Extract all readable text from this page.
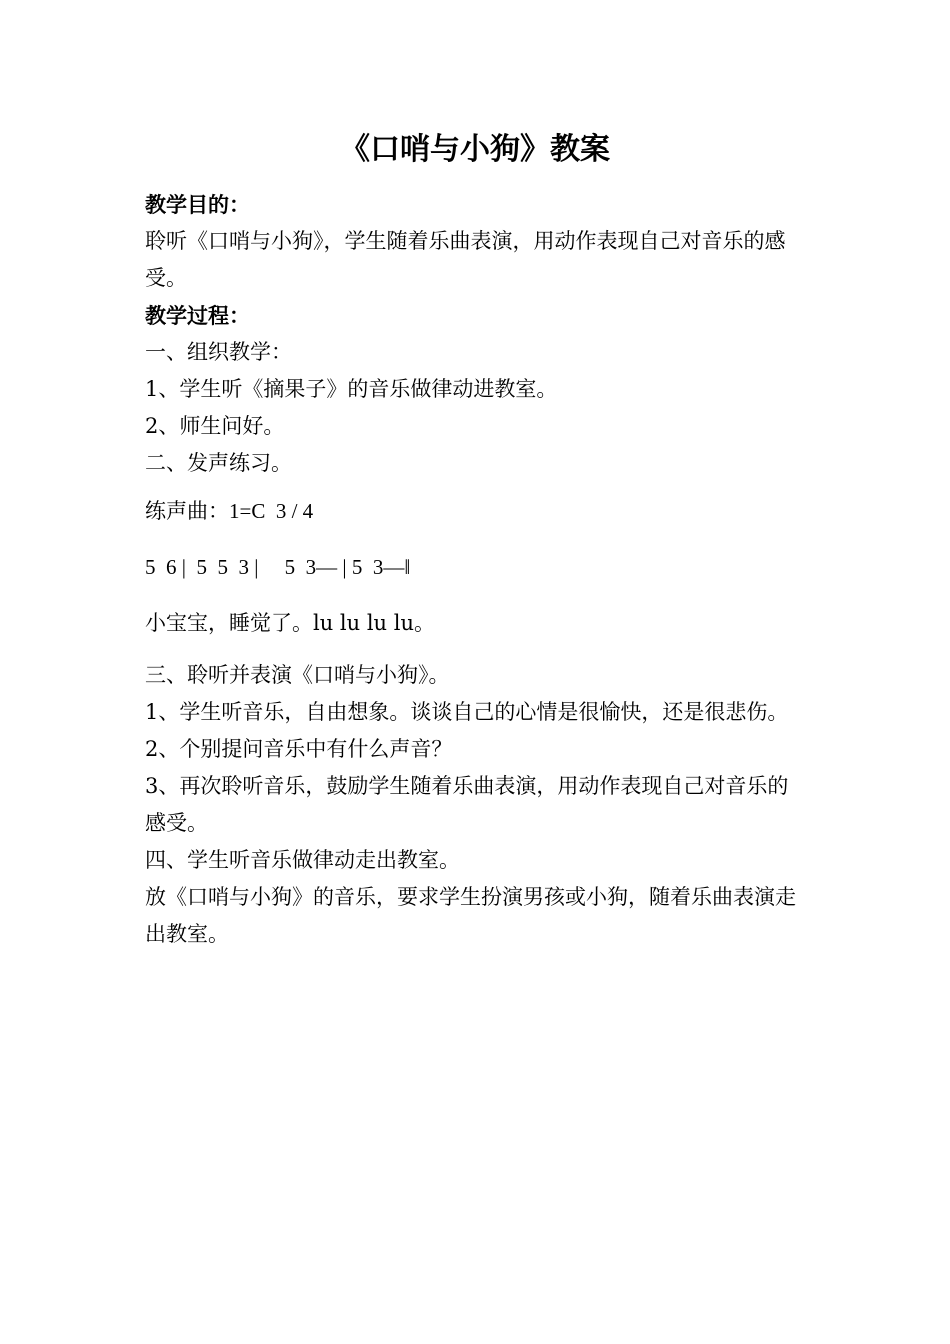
《口哨与小狗》教案

教学目的：

聆听《口哨与小狗》，学生随着乐曲表演，用动作表现自己对音乐的感受。

教学过程：

一、组织教学：

1、学生听《摘果子》的音乐做律动进教室。

2、师生问好。

二、发声练习。

练声曲：1=C  3 / 4

5  6 |  5  5  3 |     5  3— | 5  3—‖

小宝宝，睡觉了。lu lu lu lu。

三、聆听并表演《口哨与小狗》。

1、学生听音乐，自由想象。谈谈自己的心情是很愉快，还是很悲伤。

2、个别提问音乐中有什么声音？

3、再次聆听音乐，鼓励学生随着乐曲表演，用动作表现自己对音乐的感受。

四、学生听音乐做律动走出教室。

放《口哨与小狗》的音乐，要求学生扮演男孩或小狗，随着乐曲表演走出教室。
